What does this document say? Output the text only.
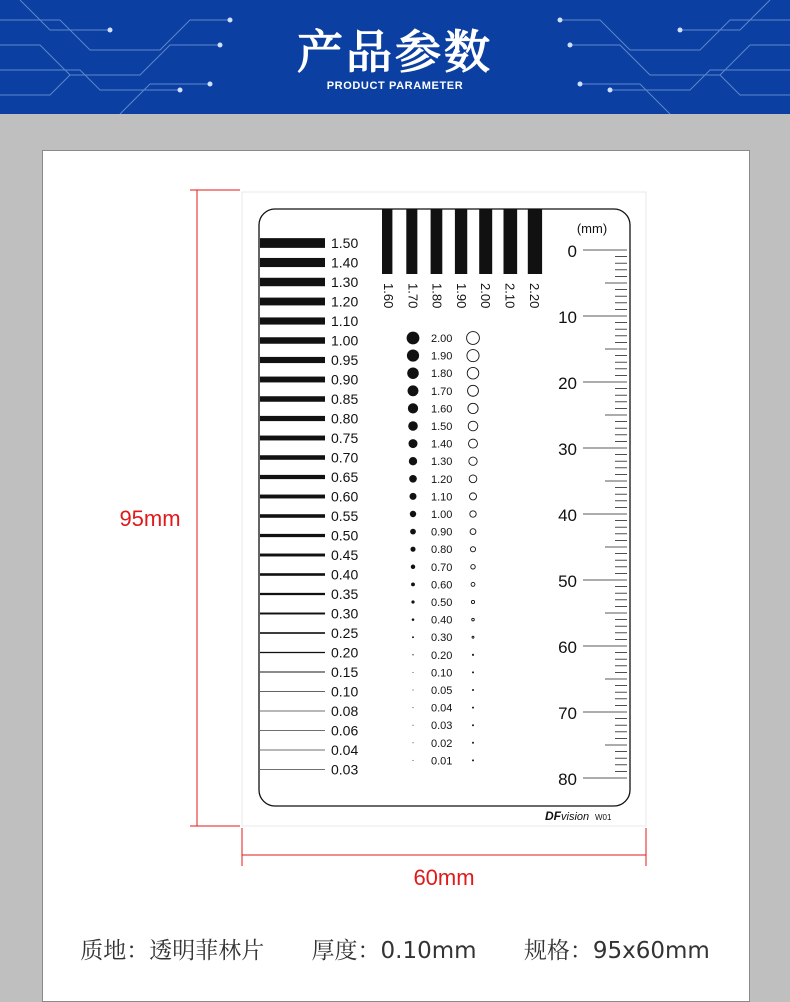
产品参数
PRODUCT PARAMETER
95mm
60mm
1.50
1.40
1.30
1.20
1.10
1.00
0.95
0.90
0.85
0.80
0.75
0.70
0.65
0.60
0.55
0.50
0.45
0.40
0.35
0.30
0.25
0.20
0.15
0.10
0.08
0.06
0.04
0.03
1.60 1.70 1.80 1.90 2.00 2.10 2.20
2.00
1.90
1.80
1.70
1.60
1.50
1.40
1.30
1.20
1.10
1.00
0.90
0.80
0.70
0.60
0.50
0.40
0.30
0.20
0.10
0.05
0.04
0.03
0.02
0.01
0
10
20
30
40
50
60
70
80
(mm)
DFvision W01
质地：透明菲林片 厚度：0.10mm 规格：95x60mm
